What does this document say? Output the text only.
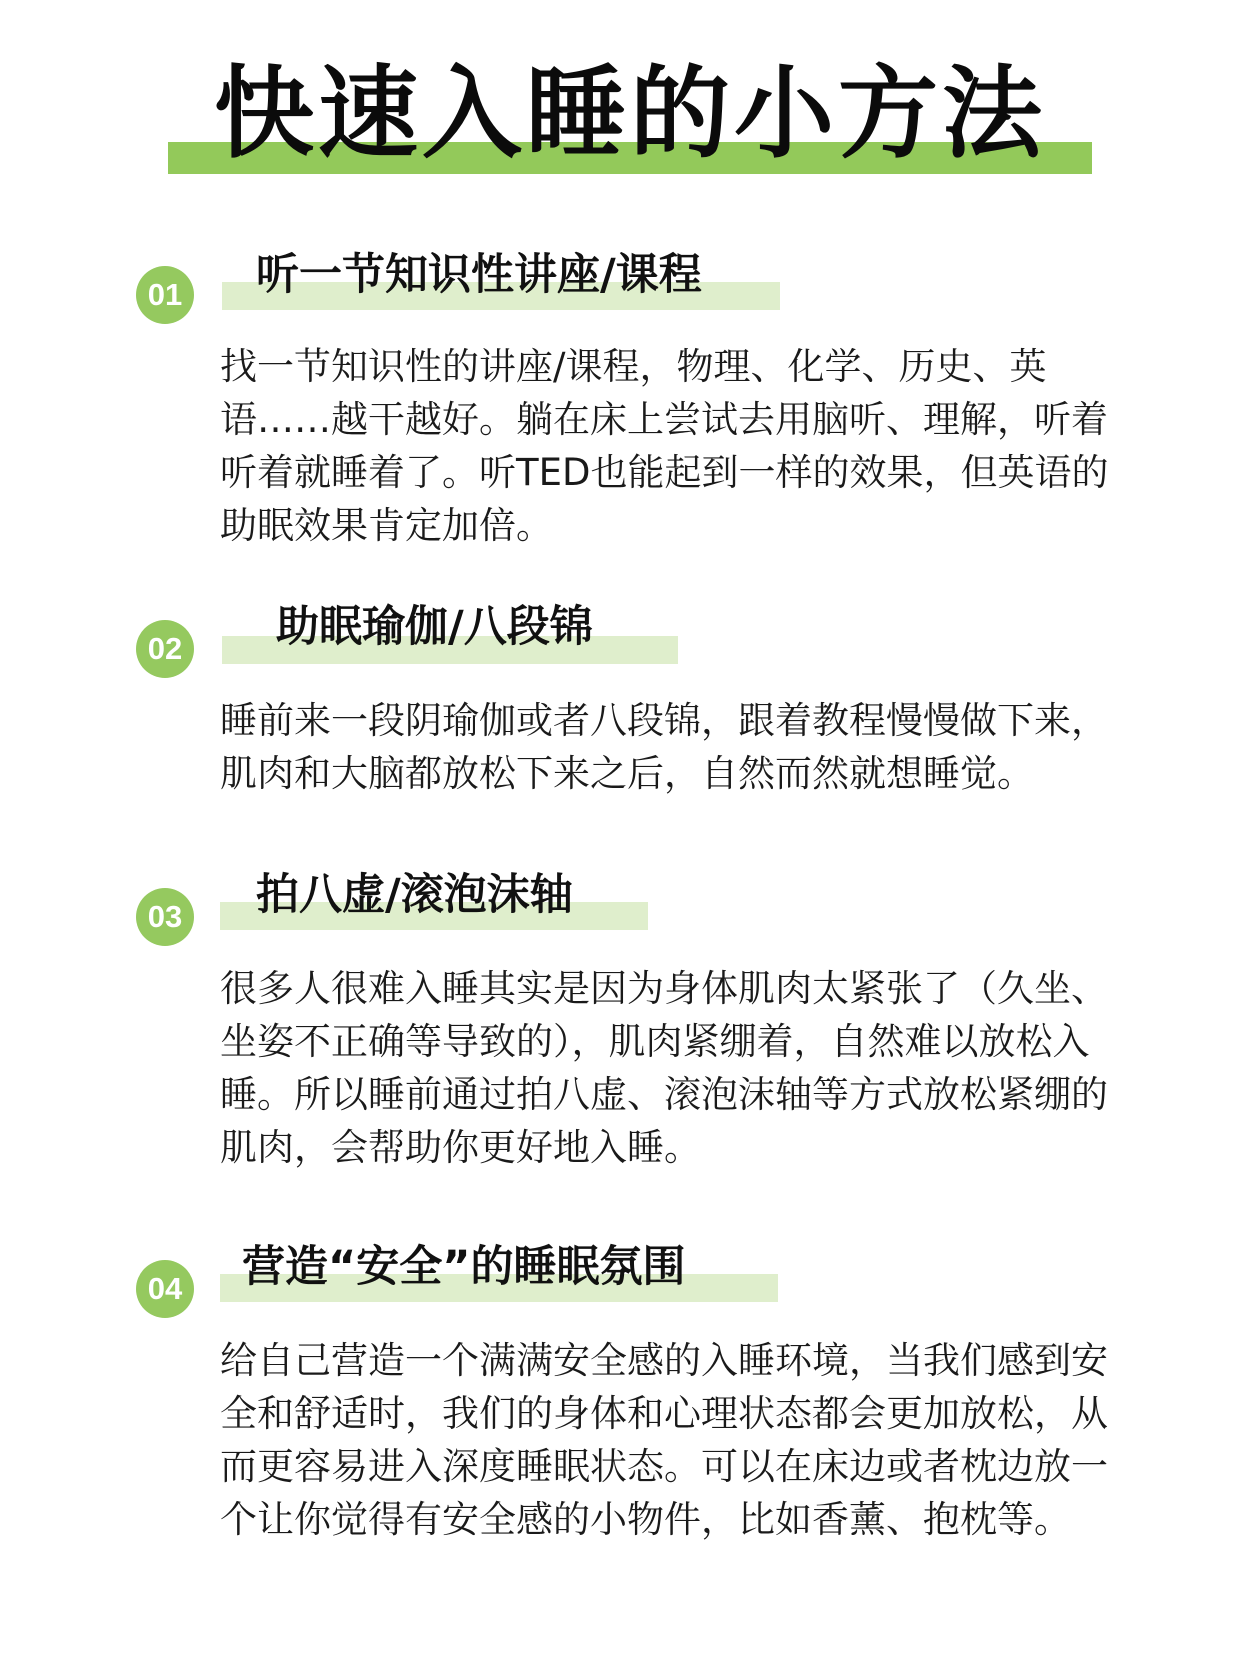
快速入睡的小方法
01 听一节知识性讲座/课程

找一节知识性的讲座/课程，物理、化学、历史、英语……越干越好。躺在床上尝试去用脑听、理解，听着听着就睡着了。听TED也能起到一样的效果，但英语的助眠效果肯定加倍。

02 助眠瑜伽/八段锦

睡前来一段阴瑜伽或者八段锦，跟着教程慢慢做下来，肌肉和大脑都放松下来之后，自然而然就想睡觉。

03 拍八虚/滚泡沫轴

很多人很难入睡其实是因为身体肌肉太紧张了（久坐、坐姿不正确等导致的），肌肉紧绷着，自然难以放松入睡。所以睡前通过拍八虚、滚泡沫轴等方式放松紧绷的肌肉，会帮助你更好地入睡。

04 营造“安全”的睡眠氛围

给自己营造一个满满安全感的入睡环境，当我们感到安全和舒适时，我们的身体和心理状态都会更加放松，从而更容易进入深度睡眠状态。可以在床边或者枕边放一个让你觉得有安全感的小物件，比如香薰、抱枕等。
